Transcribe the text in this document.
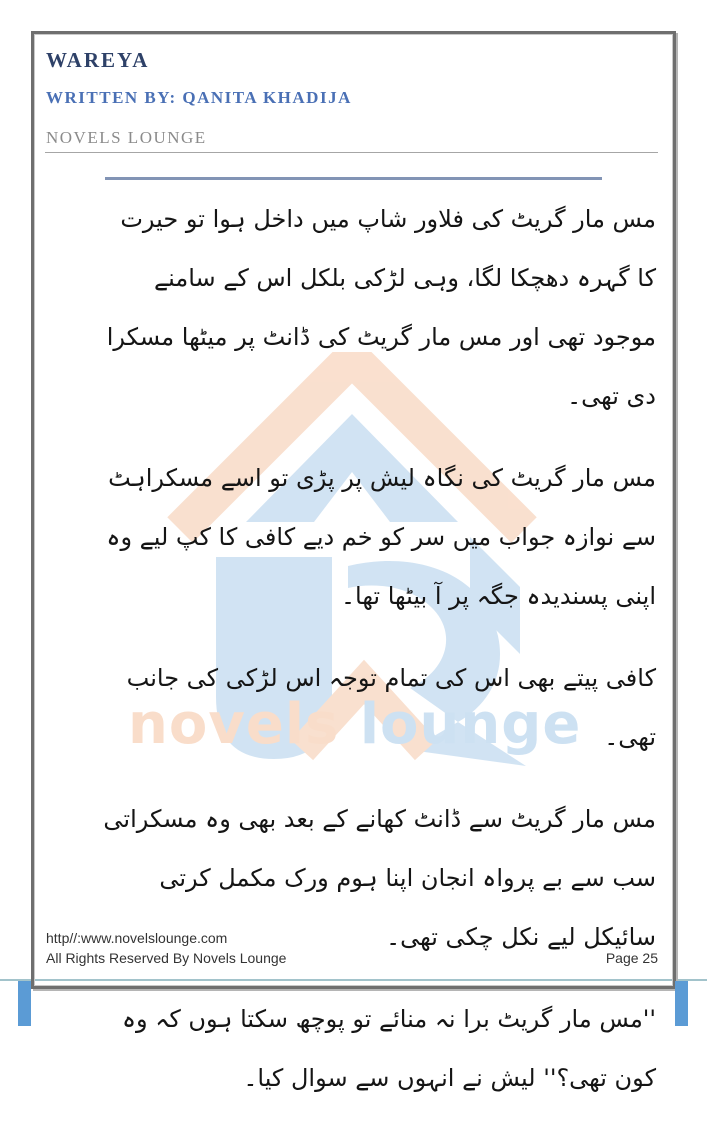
WAREYA
WRITTEN BY: QANITA KHADIJA
NOVELS LOUNGE
novels lounge

مس مار گریٹ کی فلاور شاپ میں داخل ہوا تو حیرت کا گہرہ دھچکا لگا، وہی لڑکی بلکل اس کے سامنے موجود تھی اور مس مار گریٹ کی ڈانٹ پر میٹھا مسکرا دی تھی۔

مس مار گریٹ کی نگاہ لیش پر پڑی تو اسے مسکراہٹ سے نوازہ جواب میں سر کو خم دیے کافی کا کپ لیے وہ اپنی پسندیدہ جگہ پر آ بیٹھا تھا۔

کافی پیتے بھی اس کی تمام توجہ اس لڑکی کی جانب تھی۔

مس مار گریٹ سے ڈانٹ کھانے کے بعد بھی وہ مسکراتی سب سے بے پرواہ انجان اپنا ہوم ورک مکمل کرتی سائیکل لیے نکل چکی تھی۔

''مس مار گریٹ برا نہ منائے تو پوچھ سکتا ہوں کہ وہ کون تھی؟'' لیش نے انہوں سے سوال کیا۔

http//:www.novelslounge.com
All Rights Reserved By Novels Lounge	Page 25
